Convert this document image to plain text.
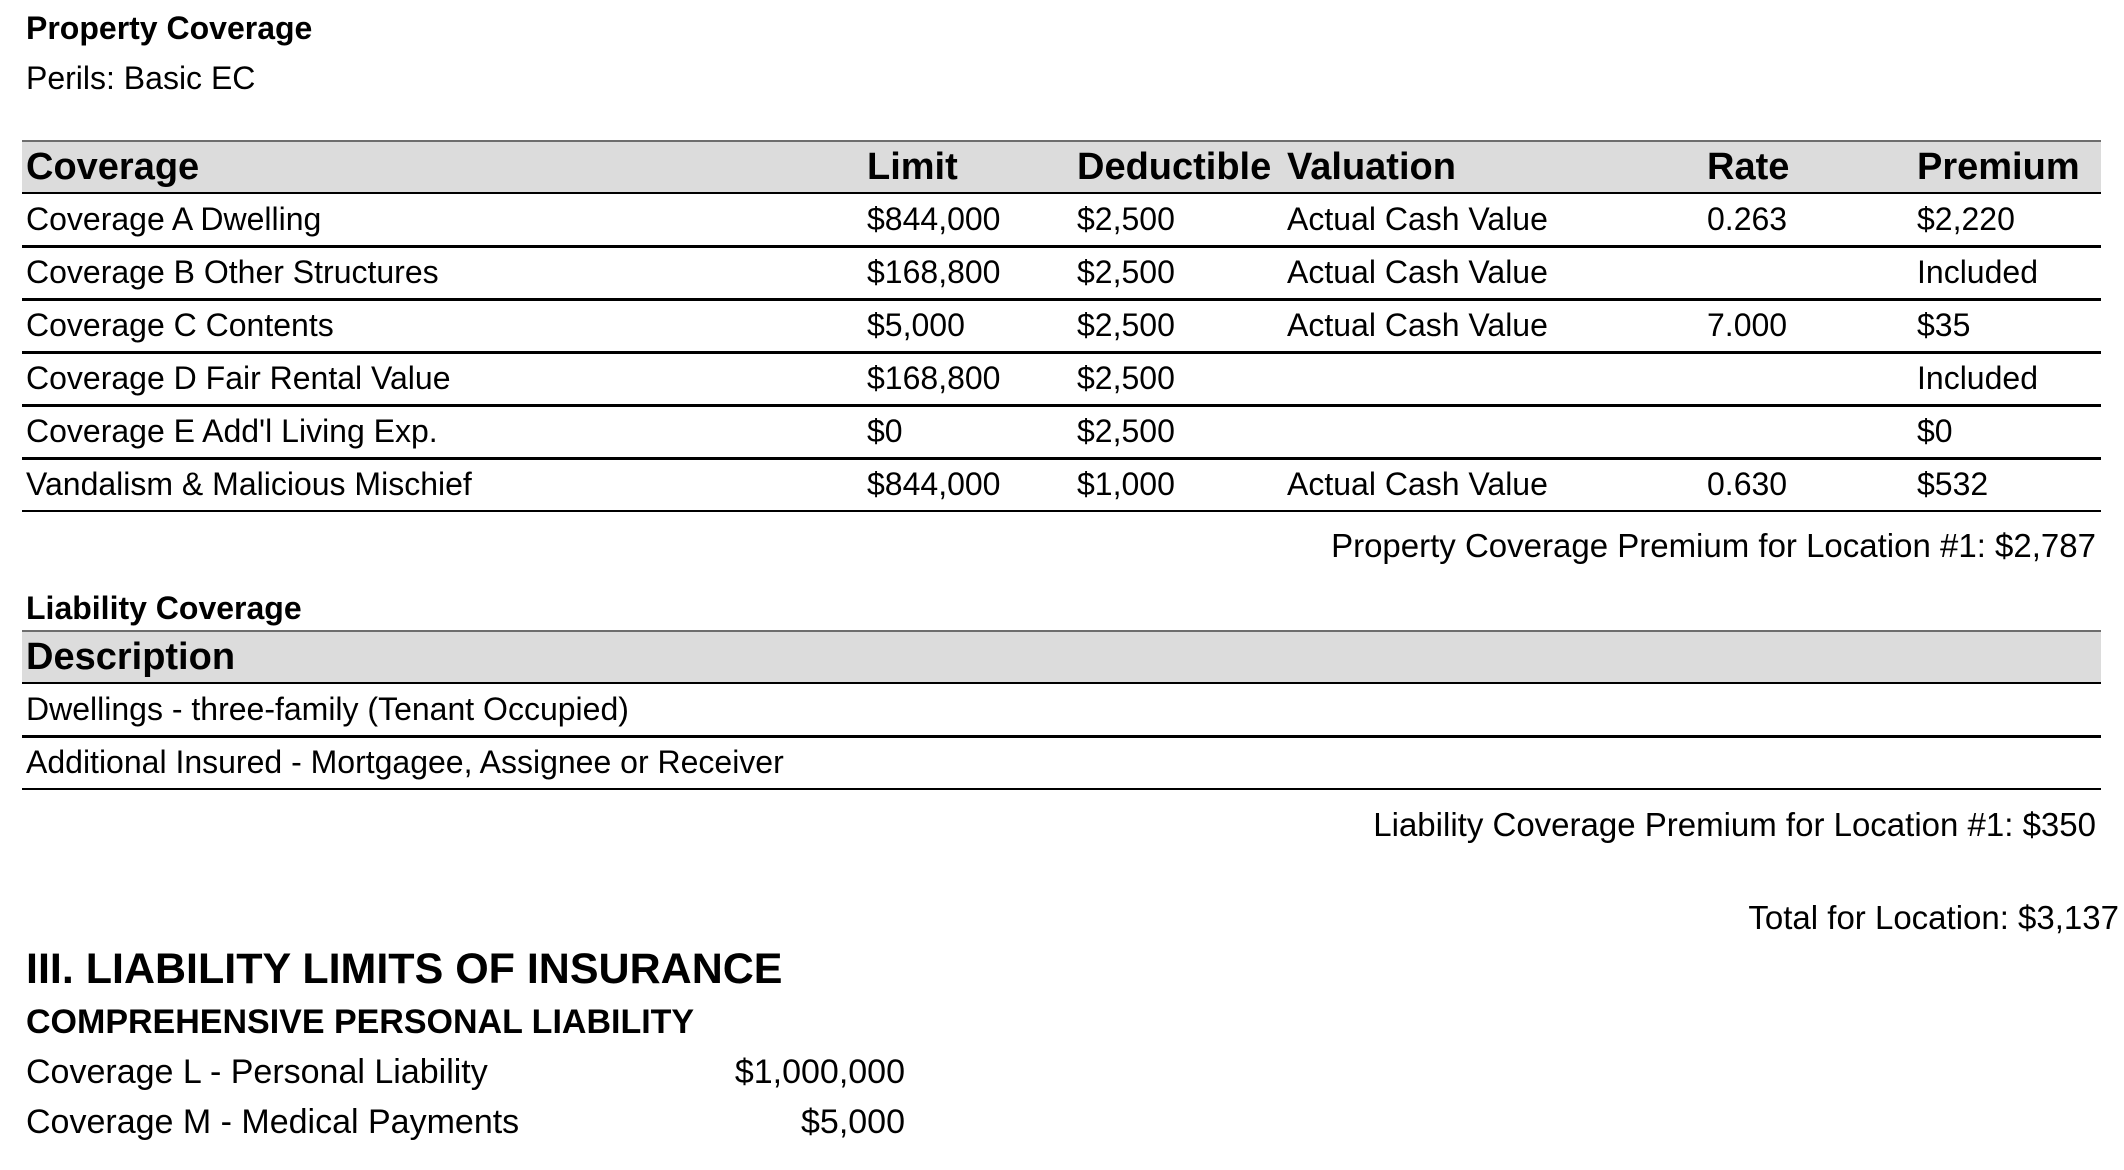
Property Coverage
Perils: Basic EC
Coverage	Limit	Deductible	Valuation	Rate	Premium
Coverage A Dwelling	$844,000	$2,500	Actual Cash Value	0.263	$2,220
Coverage B Other Structures	$168,800	$2,500	Actual Cash Value		Included
Coverage C Contents	$5,000	$2,500	Actual Cash Value	7.000	$35
Coverage D Fair Rental Value	$168,800	$2,500			Included
Coverage E Add'l Living Exp.	$0	$2,500			$0
Vandalism & Malicious Mischief	$844,000	$1,000	Actual Cash Value	0.630	$532
Property Coverage Premium for Location #1: $2,787
Liability Coverage
Description
Dwellings - three-family (Tenant Occupied)
Additional Insured - Mortgagee, Assignee or Receiver
Liability Coverage Premium for Location #1: $350
Total for Location: $3,137
III. LIABILITY LIMITS OF INSURANCE
COMPREHENSIVE PERSONAL LIABILITY
Coverage L - Personal Liability	$1,000,000
Coverage M - Medical Payments	$5,000
